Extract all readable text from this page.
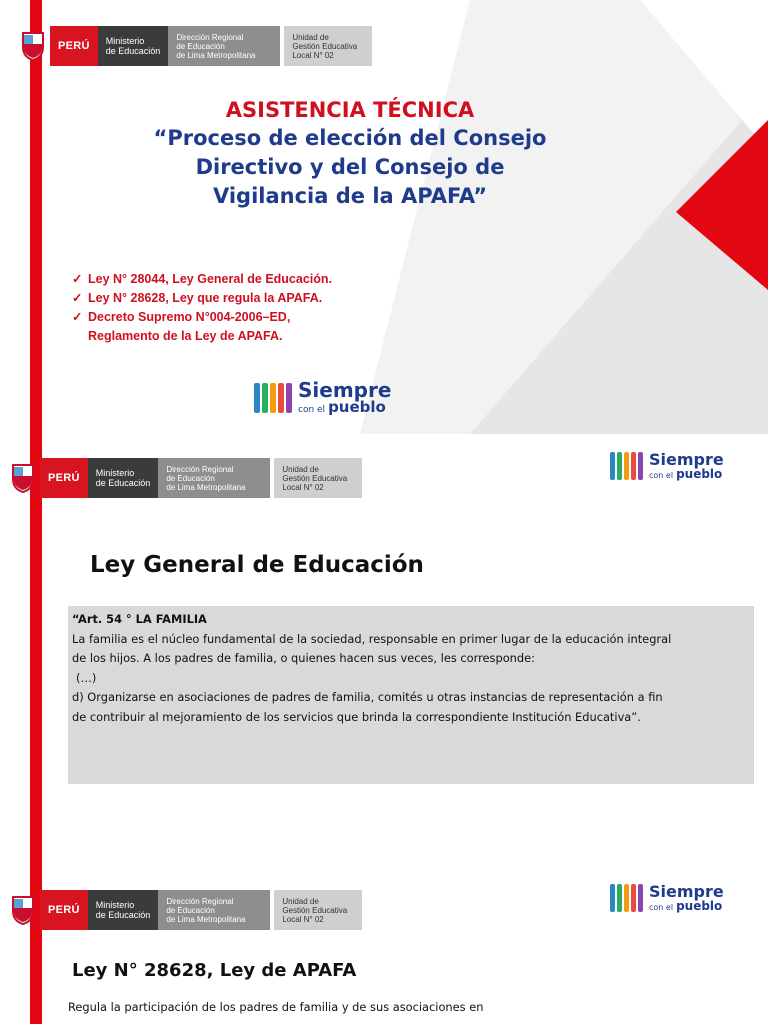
PERÚ	Ministerio
de Educación
Dirección Regional
de Educación
de Lima Metropolitana
Unidad de
Gestión Educativa
Local N° 02
ASISTENCIA TÉCNICA
“Proceso de elección del Consejo
Directivo y del Consejo de
Vigilancia de la APAFA”
✓ Ley N° 28044, Ley General de Educación.
✓ Ley N° 28628, Ley que regula la APAFA.
✓ Decreto Supremo N°004-2006–ED,
Reglamento de la Ley de APAFA.
Siempre
con el pueblo
PERÚ	Ministerio
de Educación
Dirección Regional
de Educación
de Lima Metropolitana
Unidad de
Gestión Educativa
Local N° 02
Siempre
con el pueblo
Ley General de Educación
“Art. 54 ° LA FAMILIA
La familia es el núcleo fundamental de la sociedad, responsable en primer lugar de la educación integral
de los hijos. A los padres de familia, o quienes hacen sus veces, les corresponde:
(…)
d) Organizarse en asociaciones de padres de familia, comités u otras instancias de representación a fin
de contribuir al mejoramiento de los servicios que brinda la correspondiente Institución Educativa”.
PERÚ	Ministerio
de Educación
Dirección Regional
de Educación
de Lima Metropolitana
Unidad de
Gestión Educativa
Local N° 02
Siempre
con el pueblo
Ley N° 28628, Ley de APAFA
Regula la participación de los padres de familia y de sus asociaciones en
